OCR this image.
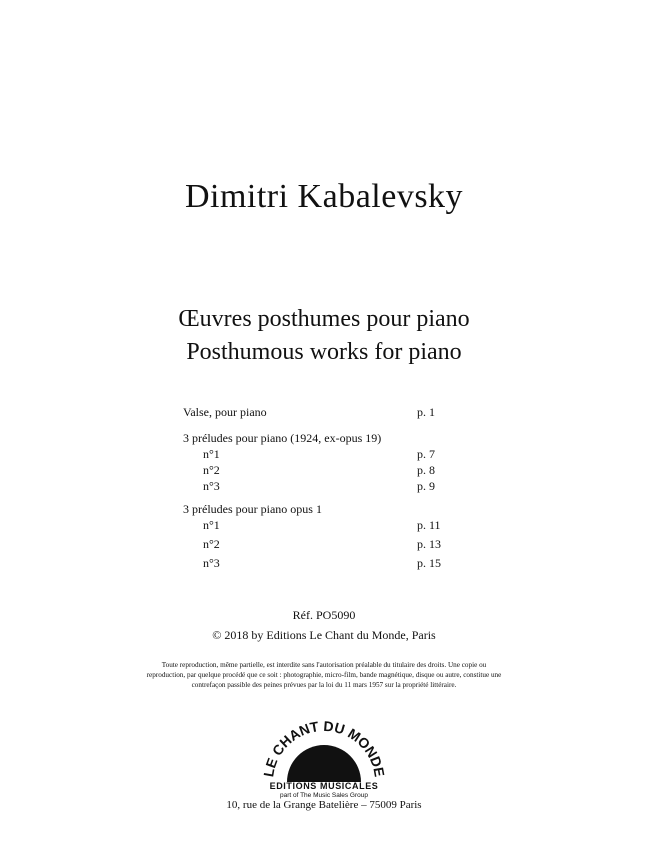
Dimitri Kabalevsky
Œuvres posthumes pour piano
Posthumous works for piano
Valse, pour piano	p. 1
3 préludes pour piano (1924, ex-opus 19)
n°1	p. 7
n°2	p. 8
n°3	p. 9
3 préludes pour piano opus 1
n°1	p. 11
n°2	p. 13
n°3	p. 15
Réf. PO5090
© 2018 by Editions Le Chant du Monde, Paris
Toute reproduction, même partielle, est interdite sans l'autorisation préalable du titulaire des droits. Une copie ou
reproduction, par quelque procédé que ce soit : photographie, micro-film, bande magnétique, disque ou autre, constitue une
contrefaçon passible des peines prévues par la loi du 11 mars 1957 sur la propriété littéraire.
LE CHANT DU MONDE
EDITIONS MUSICALES
part of The Music Sales Group
10, rue de la Grange Batelière – 75009 Paris
